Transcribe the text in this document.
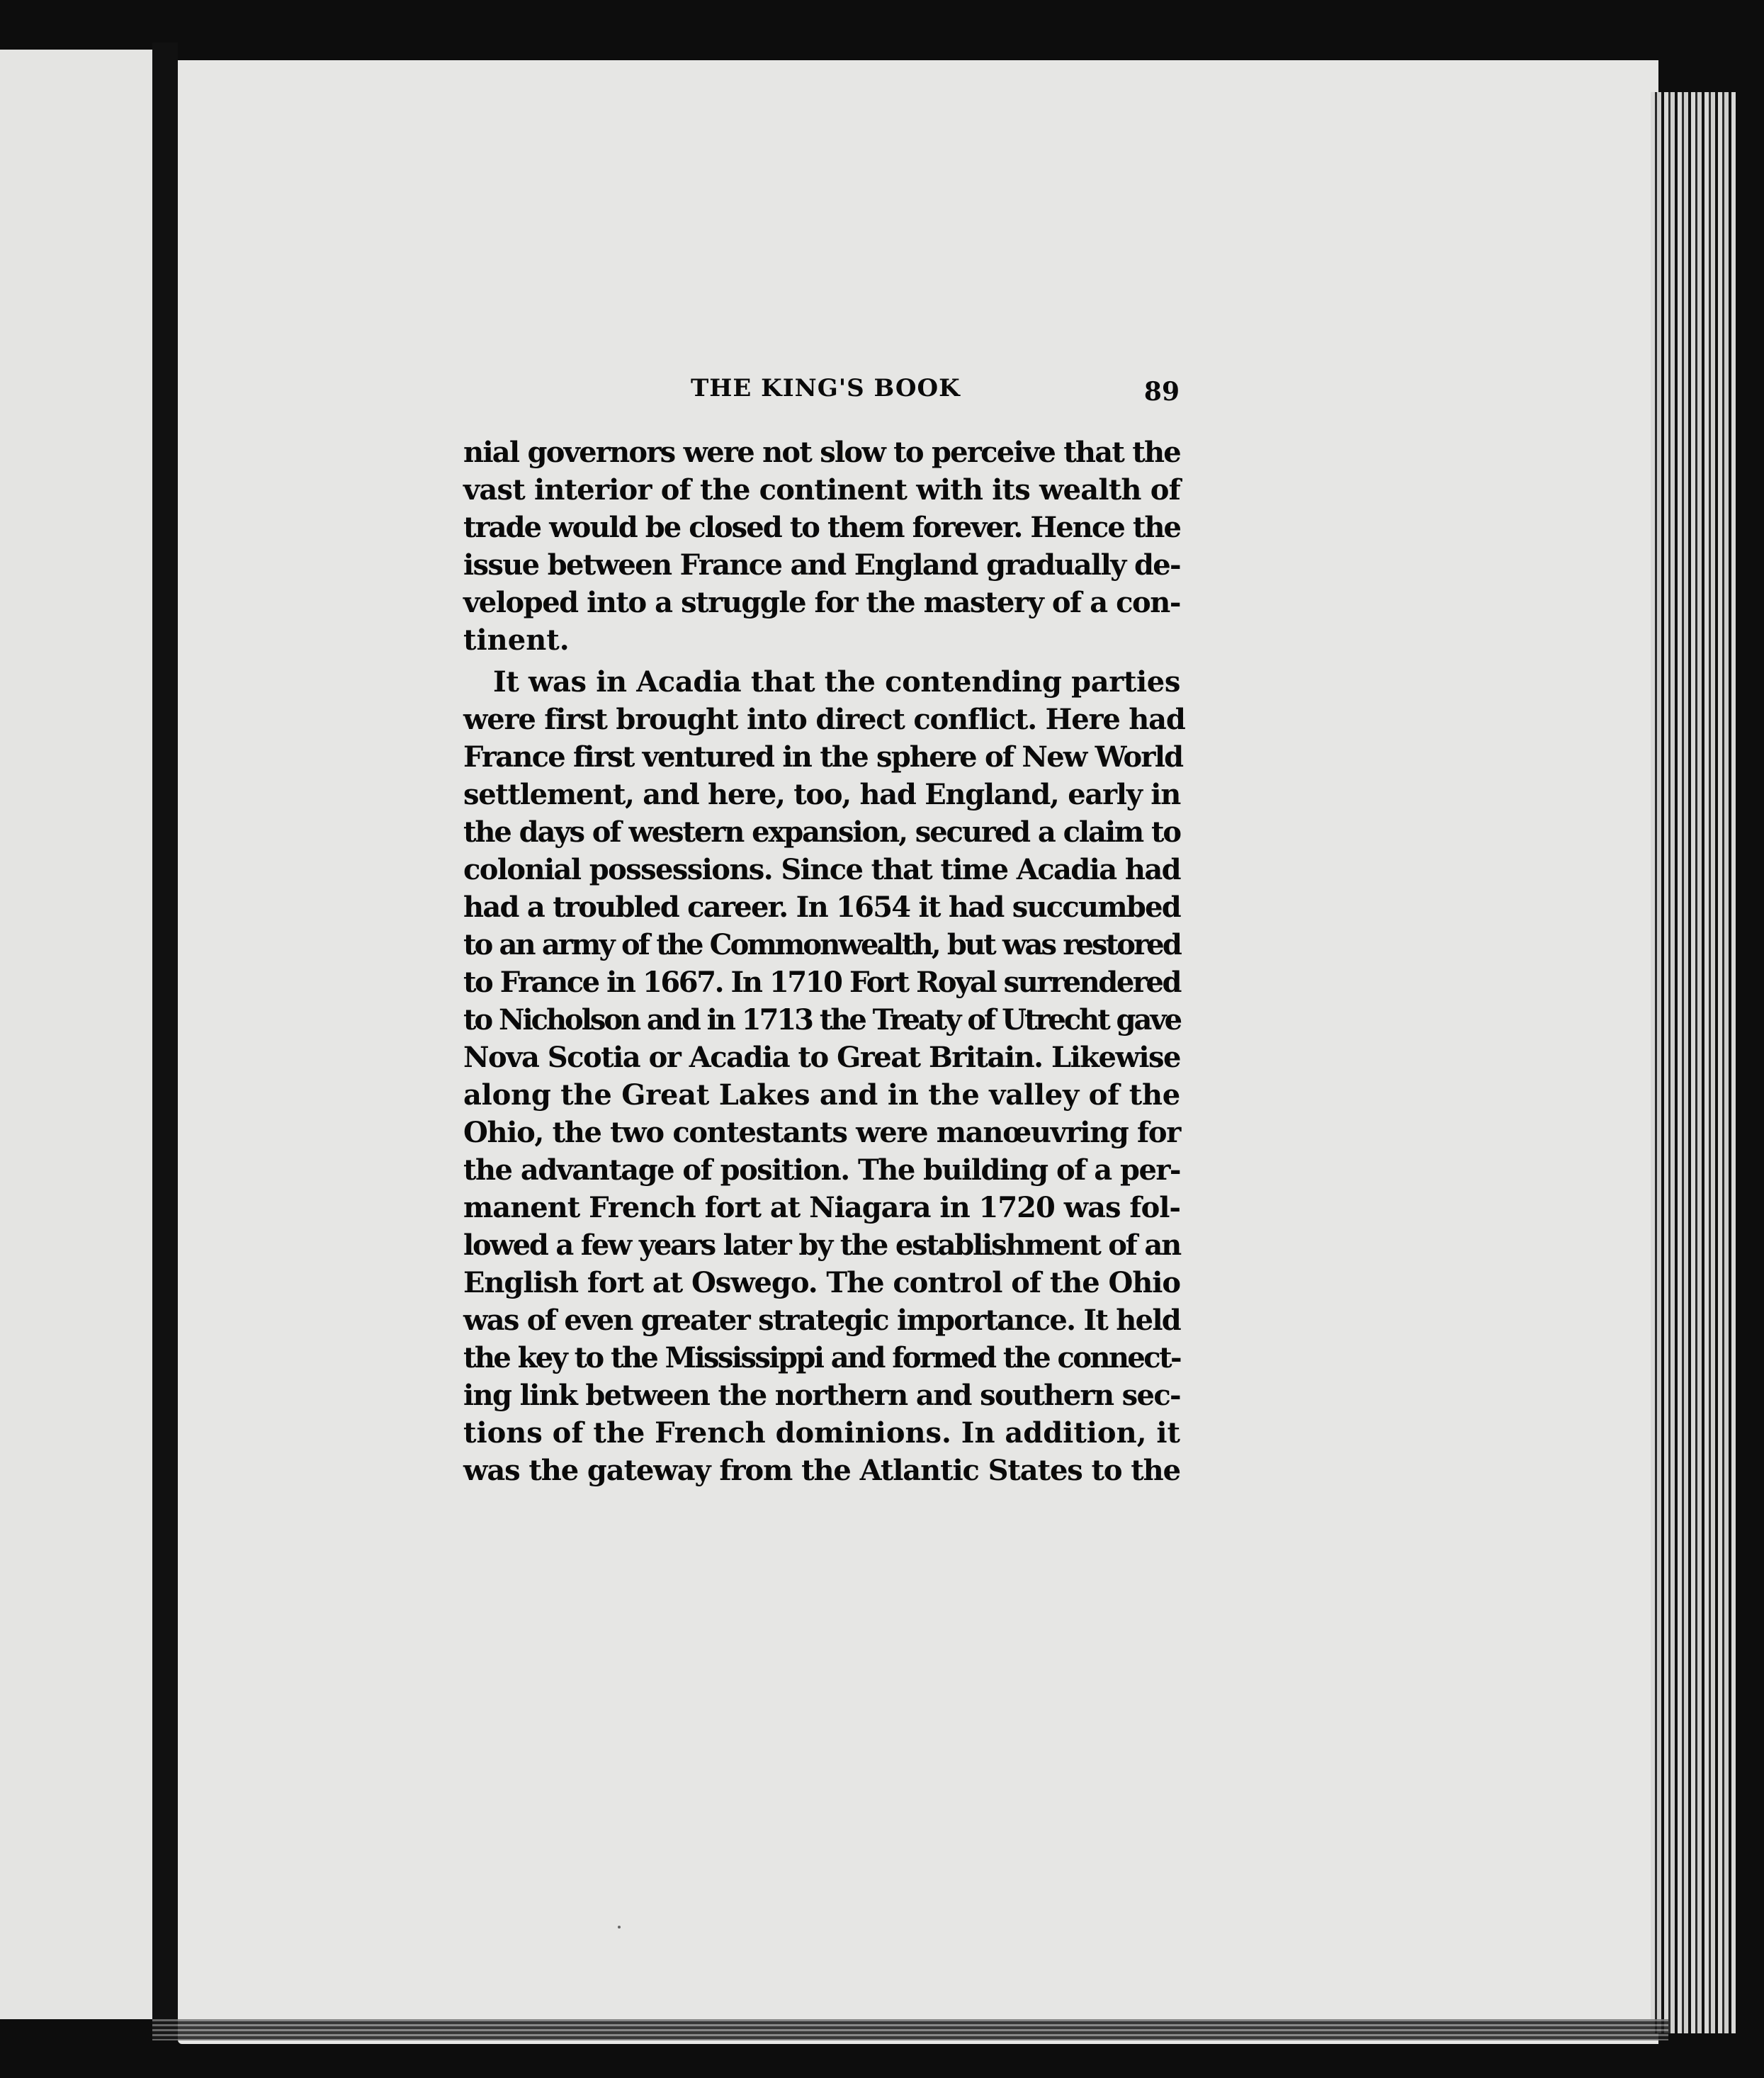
THE KING'S BOOK	89
nial governors were not slow to perceive that the
vast interior of the continent with its wealth of
trade would be closed to them forever. Hence the
issue between France and England gradually de-
veloped into a struggle for the mastery of a con-
tinent.
It was in Acadia that the contending parties
were first brought into direct conflict. Here had
France first ventured in the sphere of New World
settlement, and here, too, had England, early in
the days of western expansion, secured a claim to
colonial possessions. Since that time Acadia had
had a troubled career. In 1654 it had succumbed
to an army of the Commonwealth, but was restored
to France in 1667. In 1710 Fort Royal surrendered
to Nicholson and in 1713 the Treaty of Utrecht gave
Nova Scotia or Acadia to Great Britain. Likewise
along the Great Lakes and in the valley of the
Ohio, the two contestants were manœuvring for
the advantage of position. The building of a per-
manent French fort at Niagara in 1720 was fol-
lowed a few years later by the establishment of an
English fort at Oswego. The control of the Ohio
was of even greater strategic importance. It held
the key to the Mississippi and formed the connect-
ing link between the northern and southern sec-
tions of the French dominions. In addition, it
was the gateway from the Atlantic States to the
